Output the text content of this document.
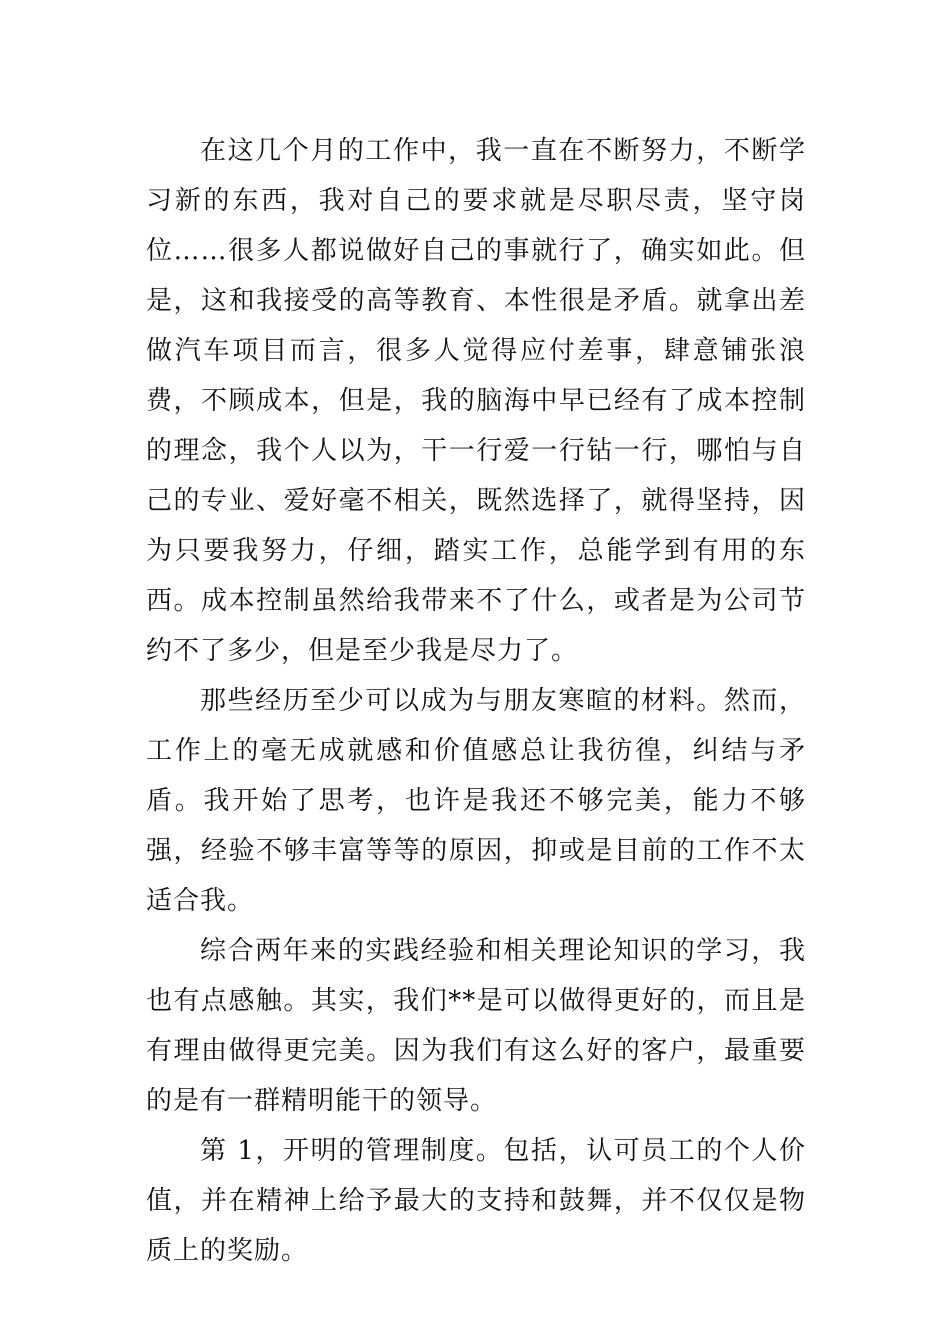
在这几个月的工作中，我一直在不断努力，不断学习新的东西，我对自己的要求就是尽职尽责，坚守岗位……很多人都说做好自己的事就行了，确实如此。但是，这和我接受的高等教育、本性很是矛盾。就拿出差做汽车项目而言，很多人觉得应付差事，肆意铺张浪费，不顾成本，但是，我的脑海中早已经有了成本控制的理念，我个人以为，干一行爱一行钻一行，哪怕与自己的专业、爱好毫不相关，既然选择了，就得坚持，因为只要我努力，仔细，踏实工作，总能学到有用的东西。成本控制虽然给我带来不了什么，或者是为公司节约不了多少，但是至少我是尽力了。

那些经历至少可以成为与朋友寒暄的材料。然而，工作上的毫无成就感和价值感总让我彷徨，纠结与矛盾。我开始了思考，也许是我还不够完美，能力不够强，经验不够丰富等等的原因，抑或是目前的工作不太适合我。

综合两年来的实践经验和相关理论知识的学习，我也有点感触。其实，我们**是可以做得更好的，而且是有理由做得更完美。因为我们有这么好的客户，最重要的是有一群精明能干的领导。

第 1，开明的管理制度。包括，认可员工的个人价值，并在精神上给予最大的支持和鼓舞，并不仅仅是物质上的奖励。
